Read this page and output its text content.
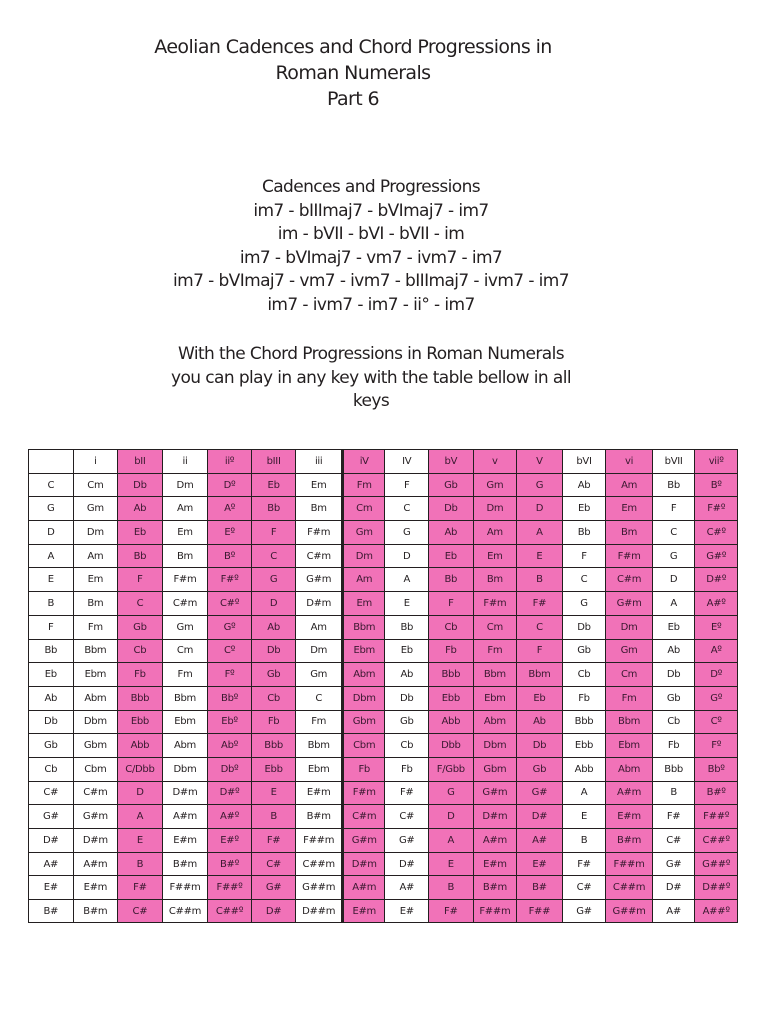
Aeolian Cadences and Chord Progressions in
Roman Numerals
Part 6
Cadences and Progressions
im7 - bIIImaj7 - bVImaj7 - im7
im - bVII - bVI - bVII - im
im7 - bVImaj7 - vm7 - ivm7 - im7
im7 - bVImaj7 - vm7 - ivm7 - bIIImaj7 - ivm7 - im7
im7 - ivm7 - im7 - ii° - im7
With the Chord Progressions in Roman Numerals
you can play in any key with the table bellow in all
keys
	i	bII	ii	iiº	bIII	iii	iV	IV	bV	v	V	bVI	vi	bVII	viiº
C	Cm	Db	Dm	Dº	Eb	Em	Fm	F	Gb	Gm	G	Ab	Am	Bb	Bº
G	Gm	Ab	Am	Aº	Bb	Bm	Cm	C	Db	Dm	D	Eb	Em	F	F#º
D	Dm	Eb	Em	Eº	F	F#m	Gm	G	Ab	Am	A	Bb	Bm	C	C#º
A	Am	Bb	Bm	Bº	C	C#m	Dm	D	Eb	Em	E	F	F#m	G	G#º
E	Em	F	F#m	F#º	G	G#m	Am	A	Bb	Bm	B	C	C#m	D	D#º
B	Bm	C	C#m	C#º	D	D#m	Em	E	F	F#m	F#	G	G#m	A	A#º
F	Fm	Gb	Gm	Gº	Ab	Am	Bbm	Bb	Cb	Cm	C	Db	Dm	Eb	Eº
Bb	Bbm	Cb	Cm	Cº	Db	Dm	Ebm	Eb	Fb	Fm	F	Gb	Gm	Ab	Aº
Eb	Ebm	Fb	Fm	Fº	Gb	Gm	Abm	Ab	Bbb	Bbm	Bbm	Cb	Cm	Db	Dº
Ab	Abm	Bbb	Bbm	Bbº	Cb	C	Dbm	Db	Ebb	Ebm	Eb	Fb	Fm	Gb	Gº
Db	Dbm	Ebb	Ebm	Ebº	Fb	Fm	Gbm	Gb	Abb	Abm	Ab	Bbb	Bbm	Cb	Cº
Gb	Gbm	Abb	Abm	Abº	Bbb	Bbm	Cbm	Cb	Dbb	Dbm	Db	Ebb	Ebm	Fb	Fº
Cb	Cbm	C/Dbb	Dbm	Dbº	Ebb	Ebm	Fb	Fb	F/Gbb	Gbm	Gb	Abb	Abm	Bbb	Bbº
C#	C#m	D	D#m	D#º	E	E#m	F#m	F#	G	G#m	G#	A	A#m	B	B#º
G#	G#m	A	A#m	A#º	B	B#m	C#m	C#	D	D#m	D#	E	E#m	F#	F##º
D#	D#m	E	E#m	E#º	F#	F##m	G#m	G#	A	A#m	A#	B	B#m	C#	C##º
A#	A#m	B	B#m	B#º	C#	C##m	D#m	D#	E	E#m	E#	F#	F##m	G#	G##º
E#	E#m	F#	F##m	F##º	G#	G##m	A#m	A#	B	B#m	B#	C#	C##m	D#	D##º
B#	B#m	C#	C##m	C##º	D#	D##m	E#m	E#	F#	F##m	F##	G#	G##m	A#	A##º
